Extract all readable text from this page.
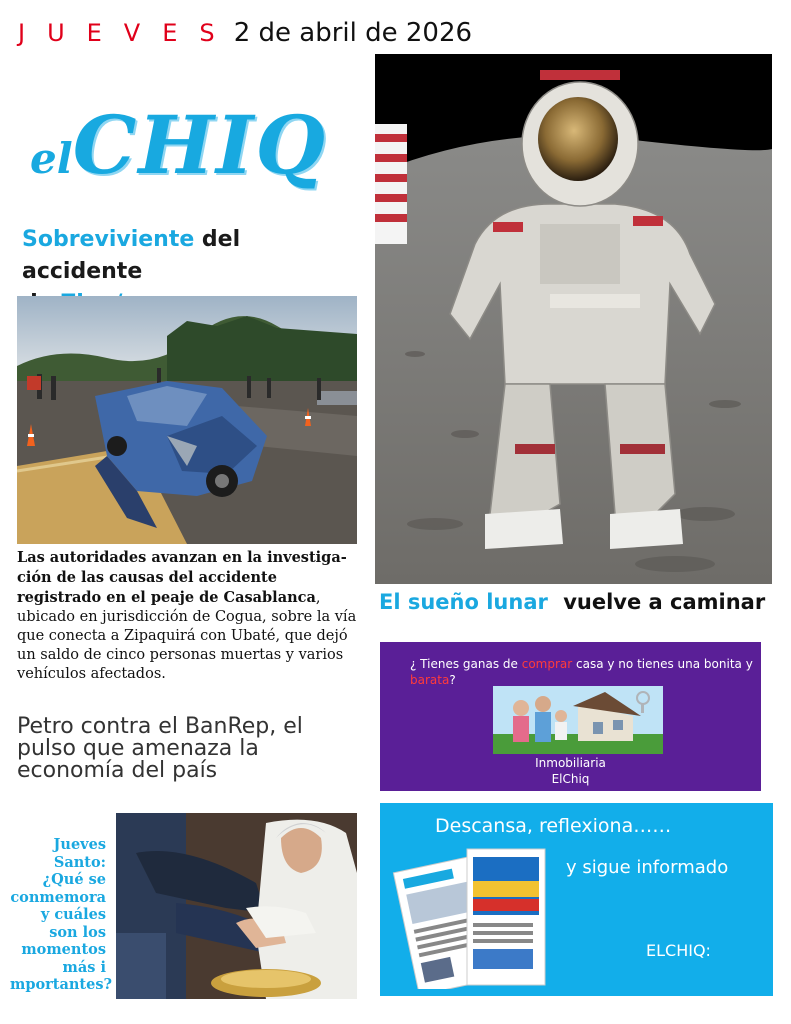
JUEVES 2 de abril de 2026
elCHIQ
Sobreviviente del accidente

Las autoridades avanzan en la investigación de las causas del accidente registrado en el peaje de Casablanca, ubicado en jurisdicción de Cogua, sobre la vía que conecta a Zipaquirá con Ubaté, que dejó un saldo de cinco personas muertas y varios vehículos afectados.
Petro contra el BanRep, el pulso que amenaza la economía del país
Jueves Santo: ¿Qué se conmemora y cuáles son los momentos más i mportantes?
El sueño lunar vuelve a caminar
¿ Tienes ganas de comprar casa y no tienes una bonita y barata?
Inmobiliaria
ElChiq
Descansa, reflexiona……
y sigue informado
ELCHIQ:
